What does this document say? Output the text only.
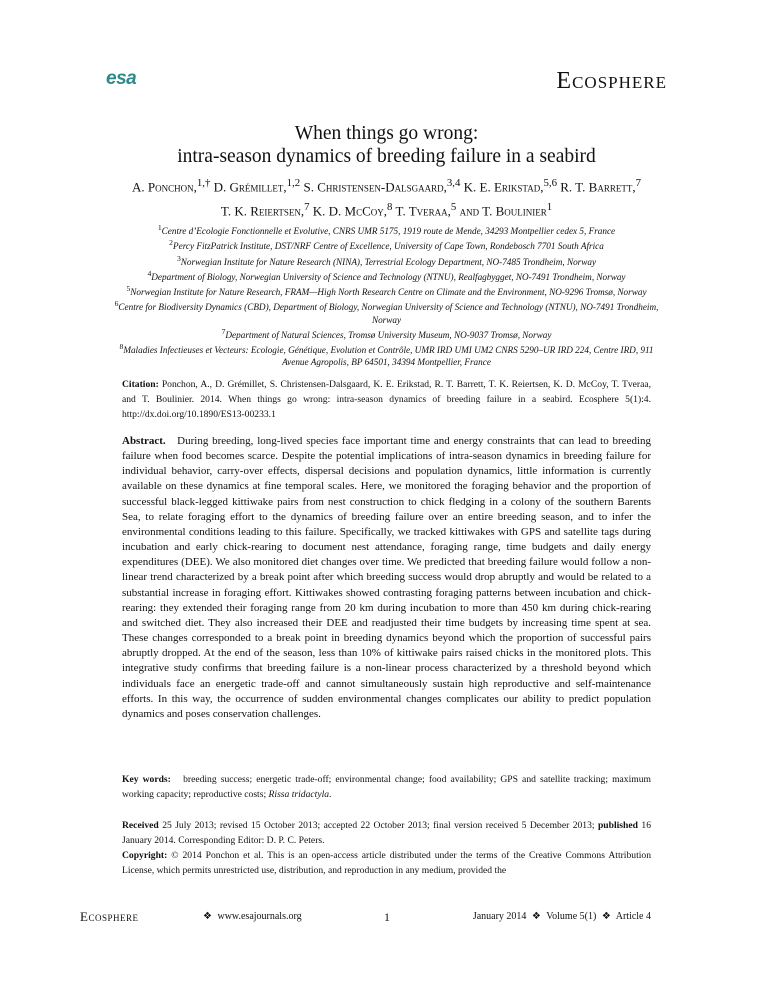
esa	Ecosphere
When things go wrong:
intra-season dynamics of breeding failure in a seabird
A. Ponchon,$^{1,\dagger}$ D. Grémillet,$^{1,2}$ S. Christensen-Dalsgaard,$^{3,4}$ K. E. Erikstad,$^{5,6}$ R. T. Barrett,$^7$
T. K. Reiertsen,$^7$ K. D. McCoy,$^8$ T. Tveraa,$^5$ and T. Boulinier$^1$
$^1$Centre d’Ecologie Fonctionnelle et Evolutive, CNRS UMR 5175, 1919 route de Mende, 34293 Montpellier cedex 5, France
$^2$Percy FitzPatrick Institute, DST/NRF Centre of Excellence, University of Cape Town, Rondebosch 7701 South Africa
$^3$Norwegian Institute for Nature Research (NINA), Terrestrial Ecology Department, NO-7485 Trondheim, Norway
$^4$Department of Biology, Norwegian University of Science and Technology (NTNU), Realfagbygget, NO-7491 Trondheim, Norway
$^5$Norwegian Institute for Nature Research, FRAM—High North Research Centre on Climate and the Environment, NO-9296 Tromsø, Norway
$^6$Centre for Biodiversity Dynamics (CBD), Department of Biology, Norwegian University of Science and Technology (NTNU), NO-7491 Trondheim, Norway
$^7$Department of Natural Sciences, Tromsø University Museum, NO-9037 Tromsø, Norway
$^8$Maladies Infectieuses et Vecteurs: Ecologie, Génétique, Evolution et Contrôle, UMR IRD UMI UM2 CNRS 5290–UR IRD 224, Centre IRD, 911 Avenue Agropolis, BP 64501, 34394 Montpellier, France
Citation: Ponchon, A., D. Grémillet, S. Christensen-Dalsgaard, K. E. Erikstad, R. T. Barrett, T. K. Reiertsen, K. D. McCoy, T. Tveraa, and T. Boulinier. 2014. When things go wrong: intra-season dynamics of breeding failure in a seabird. Ecosphere 5(1):4. http://dx.doi.org/10.1890/ES13-00233.1
Abstract. During breeding, long-lived species face important time and energy constraints that can lead to breeding failure when food becomes scarce. Despite the potential implications of intra-season dynamics in breeding failure for individual behavior, carry-over effects, dispersal decisions and population dynamics, little information is currently available on these dynamics at fine temporal scales. Here, we monitored the foraging behavior and the proportion of successful black-legged kittiwake pairs from nest construction to chick fledging in a colony of the southern Barents Sea, to relate foraging effort to the dynamics of breeding failure over an entire breeding season, and to infer the environmental conditions leading to this failure. Specifically, we tracked kittiwakes with GPS and satellite tags during incubation and early chick-rearing to document nest attendance, foraging range, time budgets and daily energy expenditures (DEE). We also monitored diet changes over time. We predicted that breeding failure would follow a non-linear trend characterized by a break point after which breeding success would drop abruptly and would be related to a substantial increase in foraging effort. Kittiwakes showed contrasting foraging patterns between incubation and chick-rearing: they extended their foraging range from 20 km during incubation to more than 450 km during chick-rearing and switched diet. They also increased their DEE and readjusted their time budgets by increasing time spent at sea. These changes corresponded to a break point in breeding dynamics beyond which the proportion of successful pairs abruptly dropped. At the end of the season, less than 10% of kittiwake pairs raised chicks in the monitored plots. This integrative study confirms that breeding failure is a non-linear process characterized by a threshold beyond which individuals face an energetic trade-off and cannot simultaneously sustain high reproductive and self-maintenance efforts. In this way, the occurrence of sudden environmental changes complicates our ability to predict population dynamics and poses conservation challenges.
Key words: breeding success; energetic trade-off; environmental change; food availability; GPS and satellite tracking; maximum working capacity; reproductive costs; Rissa tridactyla.
Received 25 July 2013; revised 15 October 2013; accepted 22 October 2013; final version received 5 December 2013; published 16 January 2014. Corresponding Editor: D. P. C. Peters.
Copyright: © 2014 Ponchon et al. This is an open-access article distributed under the terms of the Creative Commons Attribution License, which permits unrestricted use, distribution, and reproduction in any medium, provided the
Ecosphere	❖ www.esajournals.org	1	January 2014 ❖ Volume 5(1) ❖ Article 4
